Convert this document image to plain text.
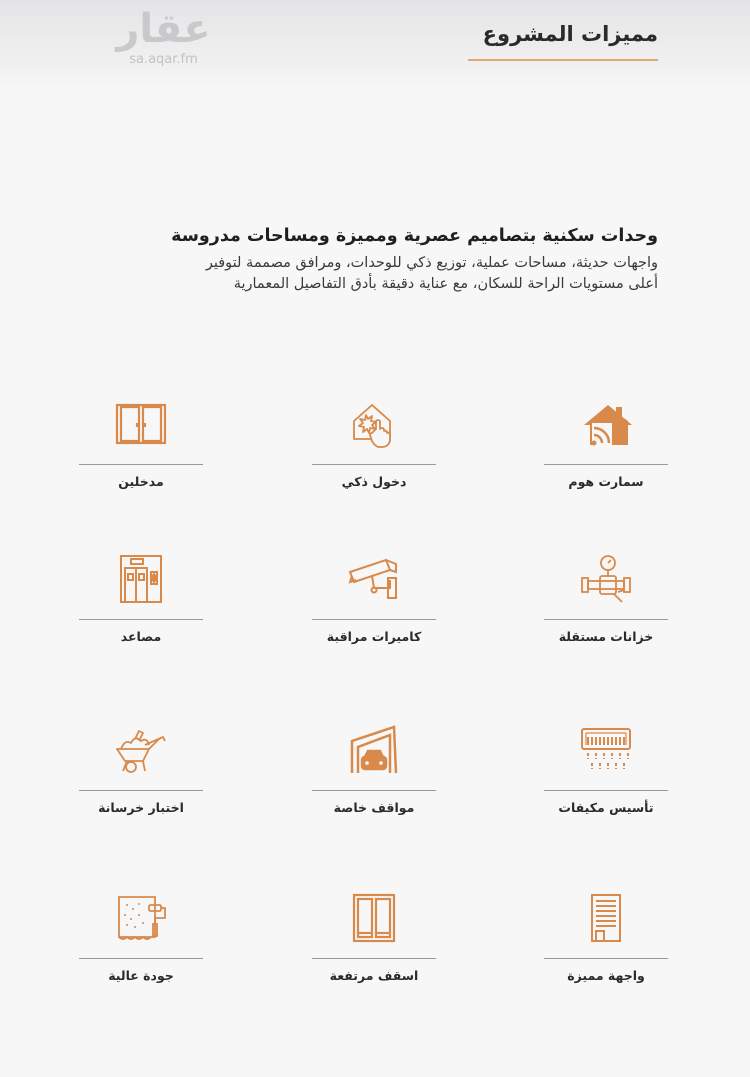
عقار
sa.aqar.fm
مميزات المشروع
وحدات سكنية بتصاميم عصرية ومميزة ومساحات مدروسة

واجهات حديثة، مساحات عملية، توزيع ذكي للوحدات، ومرافق مصممة لتوفير
أعلى مستويات الراحة للسكان، مع عناية دقيقة بأدق التفاصيل المعمارية

سمارت هوم
دخول ذكي
مدخلين
خزانات مستقلة
كاميرات مراقبة
مصاعد
تأسيس مكيفات
مواقف خاصة
اختبار خرسانة
واجهة مميزة
اسقف مرتفعة
جودة عالية
